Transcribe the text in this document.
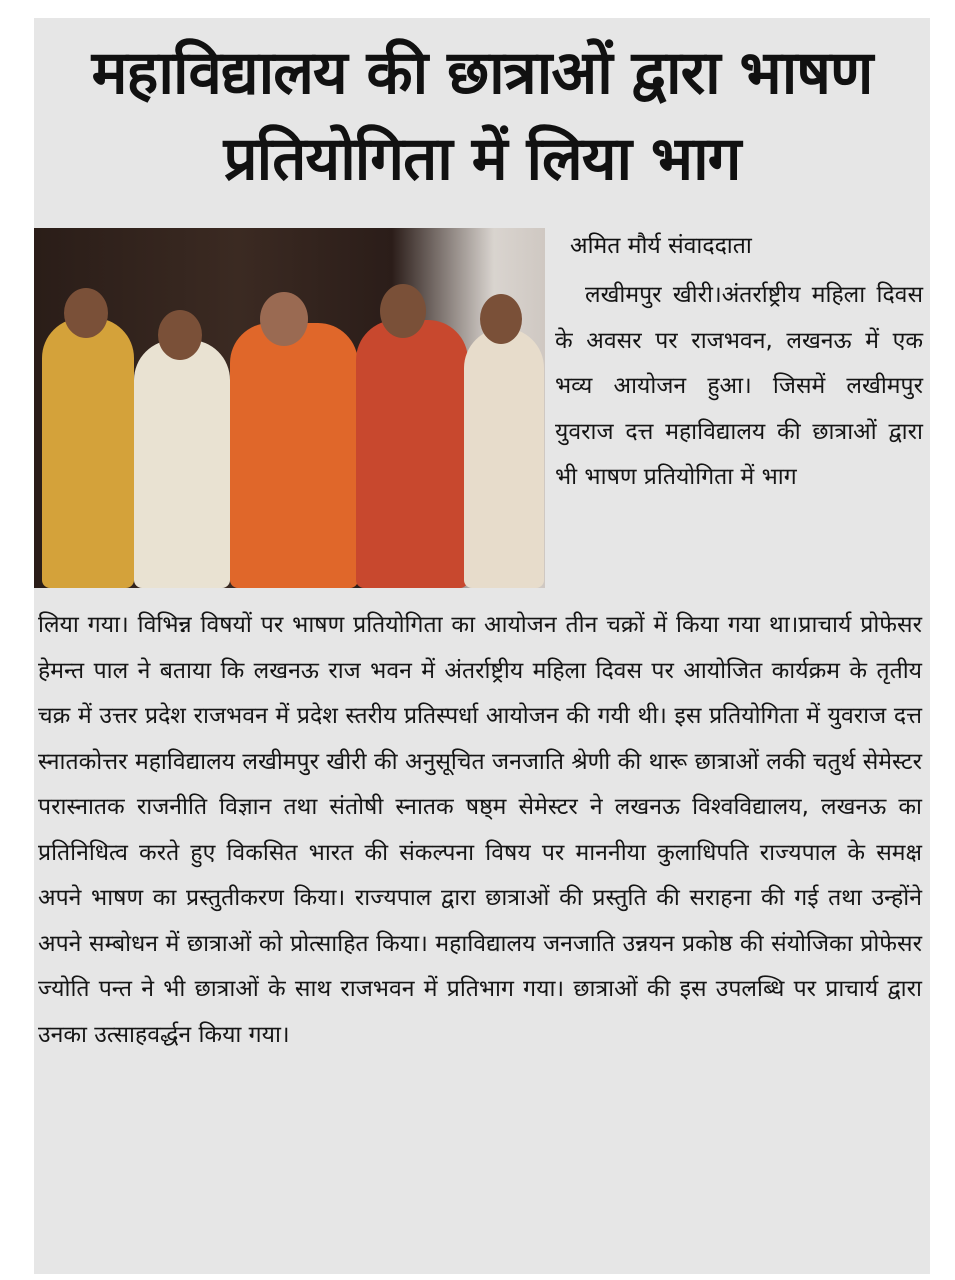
महाविद्यालय की छात्राओं द्वारा भाषण
प्रतियोगिता में लिया भाग
अमित मौर्य संवाददाता
लखीमपुर खीरी।अंतर्राष्ट्रीय महिला दिवस के अवसर पर राजभवन, लखनऊ में एक भव्य आयोजन हुआ। जिसमें लखीमपुर युवराज दत्त महाविद्यालय की छात्राओं द्वारा भी भाषण प्रतियोगिता में भाग
लिया गया। विभिन्न विषयों पर भाषण प्रतियोगिता का आयोजन तीन चक्रों में किया गया था।प्राचार्य प्रोफेसर हेमन्त पाल ने बताया कि लखनऊ राज भवन में अंतर्राष्ट्रीय महिला दिवस पर आयोजित कार्यक्रम के तृतीय चक्र में उत्तर प्रदेश राजभवन में प्रदेश स्तरीय प्रतिस्पर्धा आयोजन की गयी थी। इस प्रतियोगिता में युवराज दत्त स्नातकोत्तर महाविद्यालय लखीमपुर खीरी की अनुसूचित जनजाति श्रेणी की थारू छात्राओं लकी चतुर्थ सेमेस्टर परास्नातक राजनीति विज्ञान तथा संतोषी स्नातक षष्ठ्म सेमेस्टर ने लखनऊ विश्वविद्यालय, लखनऊ का प्रतिनिधित्व करते हुए विकसित भारत की संकल्पना विषय पर माननीया कुलाधिपति राज्यपाल के समक्ष अपने भाषण का प्रस्तुतीकरण किया। राज्यपाल द्वारा छात्राओं की प्रस्तुति की सराहना की गई तथा उन्होंने अपने सम्बोधन में छात्राओं को प्रोत्साहित किया। महाविद्यालय जनजाति उन्नयन प्रकोष्ठ की संयोजिका प्रोफेसर ज्योति पन्त ने भी छात्राओं के साथ राजभवन में प्रतिभाग गया। छात्राओं की इस उपलब्धि पर प्राचार्य द्वारा उनका उत्साहवर्द्धन किया गया।
